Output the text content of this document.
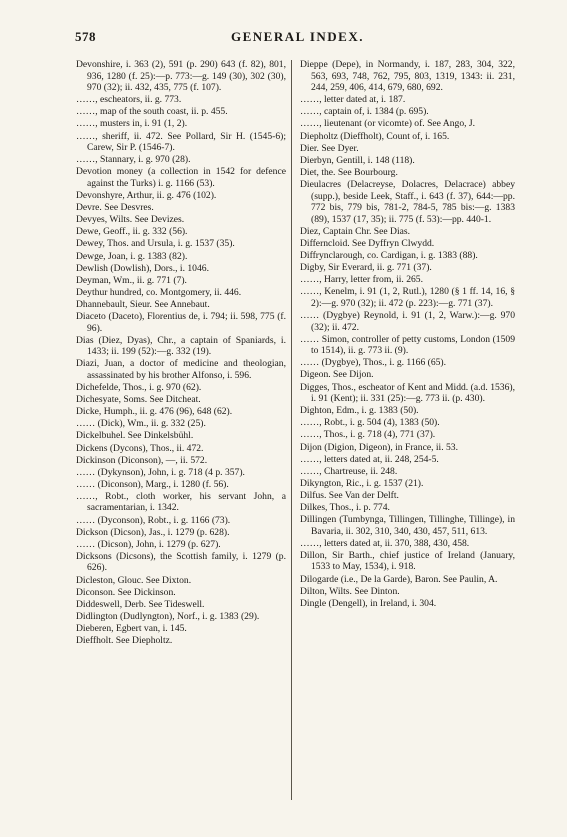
578	GENERAL INDEX.

Devonshire, i. 363 (2), 591 (p. 290) 643 (f. 82), 801, 936, 1280 (f. 25):—p. 773:—g. 149 (30), 302 (30), 970 (32); ii. 432, 435, 775 (f. 107).

……, escheators, ii. g. 773.

……, map of the south coast, ii. p. 455.

……, musters in, i. 91 (1, 2).

……, sheriff, ii. 472. See Pollard, Sir H. (1545-6); Carew, Sir P. (1546-7).

……, Stannary, i. g. 970 (28).

Devotion money (a collection in 1542 for defence against the Turks) i. g. 1166 (53).

Devonshyre, Arthur, ii. g. 476 (102).

Devre. See Desvres.

Devyes, Wilts. See Devizes.

Dewe, Geoff., ii. g. 332 (56).

Dewey, Thos. and Ursula, i. g. 1537 (35).

Dewge, Joan, i. g. 1383 (82).

Dewlish (Dowlish), Dors., i. 1046.

Deyman, Wm., ii. g. 771 (7).

Deythur hundred, co. Montgomery, ii. 446.

Dhannebault, Sieur. See Annebaut.

Diaceto (Daceto), Florentius de, i. 794; ii. 598, 775 (f. 96).

Dias (Diez, Dyas), Chr., a captain of Spaniards, i. 1433; ii. 199 (52):—g. 332 (19).

Diazi, Juan, a doctor of medicine and theologian, assassinated by his brother Alfonso, i. 596.

Dichefelde, Thos., i. g. 970 (62).

Dichesyate, Soms. See Ditcheat.

Dicke, Humph., ii. g. 476 (96), 648 (62).

…… (Dick), Wm., ii. g. 332 (25).

Dickelbuhel. See Dinkelsbühl.

Dickens (Dycons), Thos., ii. 472.

Dickinson (Diconson), —, ii. 572.

…… (Dykynson), John, i. g. 718 (4 p. 357).

…… (Diconson), Marg., i. 1280 (f. 56).

……, Robt., cloth worker, his servant John, a sacramentarian, i. 1342.

…… (Dyconson), Robt., i. g. 1166 (73).

Dickson (Dicson), Jas., i. 1279 (p. 628).

…… (Dicson), John, i. 1279 (p. 627).

Dicksons (Dicsons), the Scottish family, i. 1279 (p. 626).

Dicleston, Glouc. See Dixton.

Diconson. See Dickinson.

Diddeswell, Derb. See Tideswell.

Didlington (Dudlyngton), Norf., i. g. 1383 (29).

Dieberen, Egbert van, i. 145.

Dieffholt. See Diepholtz.

Dieppe (Depe), in Normandy, i. 187, 283, 304, 322, 563, 693, 748, 762, 795, 803, 1319, 1343: ii. 231, 244, 259, 406, 414, 679, 680, 692.

……, letter dated at, i. 187.

……, captain of, i. 1384 (p. 695).

……, lieutenant (or vicomte) of. See Ango, J.

Diepholtz (Dieffholt), Count of, i. 165.

Dier. See Dyer.

Dierbyn, Gentill, i. 148 (118).

Diet, the. See Bourbourg.

Dieulacres (Delacreyse, Dolacres, Delacrace) abbey (supp.), beside Leek, Staff., i. 643 (f. 37), 644:—pp. 772 bis, 779 bis, 781-2, 784-5, 785 bis:—g. 1383 (89), 1537 (17, 35); ii. 775 (f. 53):—pp. 440-1.

Diez, Captain Chr. See Dias.

Differncloid. See Dyffryn Clwydd.

Diffrynclarough, co. Cardigan, i. g. 1383 (88).

Digby, Sir Everard, ii. g. 771 (37).

……, Harry, letter from, ii. 265.

……, Kenelm, i. 91 (1, 2, Rutl.), 1280 (§ 1 ff. 14, 16, § 2):—g. 970 (32); ii. 472 (p. 223):—g. 771 (37).

…… (Dygbye) Reynold, i. 91 (1, 2, Warw.):—g. 970 (32); ii. 472.

…… Simon, controller of petty customs, London (1509 to 1514), ii. g. 773 ii. (9).

…… (Dygbye), Thos., i. g. 1166 (65).

Digeon. See Dijon.

Digges, Thos., escheator of Kent and Midd. (a.d. 1536), i. 91 (Kent); ii. 331 (25):—g. 773 ii. (p. 430).

Dighton, Edm., i. g. 1383 (50).

……, Robt., i. g. 504 (4), 1383 (50).

……, Thos., i. g. 718 (4), 771 (37).

Dijon (Digion, Digeon), in France, ii. 53.

……, letters dated at, ii. 248, 254-5.

……, Chartreuse, ii. 248.

Dikyngton, Ric., i. g. 1537 (21).

Dilfus. See Van der Delft.

Dilkes, Thos., i. p. 774.

Dillingen (Tumbynga, Tillingen, Tillinghe, Tillinge), in Bavaria, ii. 302, 310, 340, 430, 457, 511, 613.

……, letters dated at, ii. 370, 388, 430, 458.

Dillon, Sir Barth., chief justice of Ireland (January, 1533 to May, 1534), i. 918.

Dilogarde (i.e., De la Garde), Baron. See Paulin, A.

Dilton, Wilts. See Dinton.

Dingle (Dengell), in Ireland, i. 304.
